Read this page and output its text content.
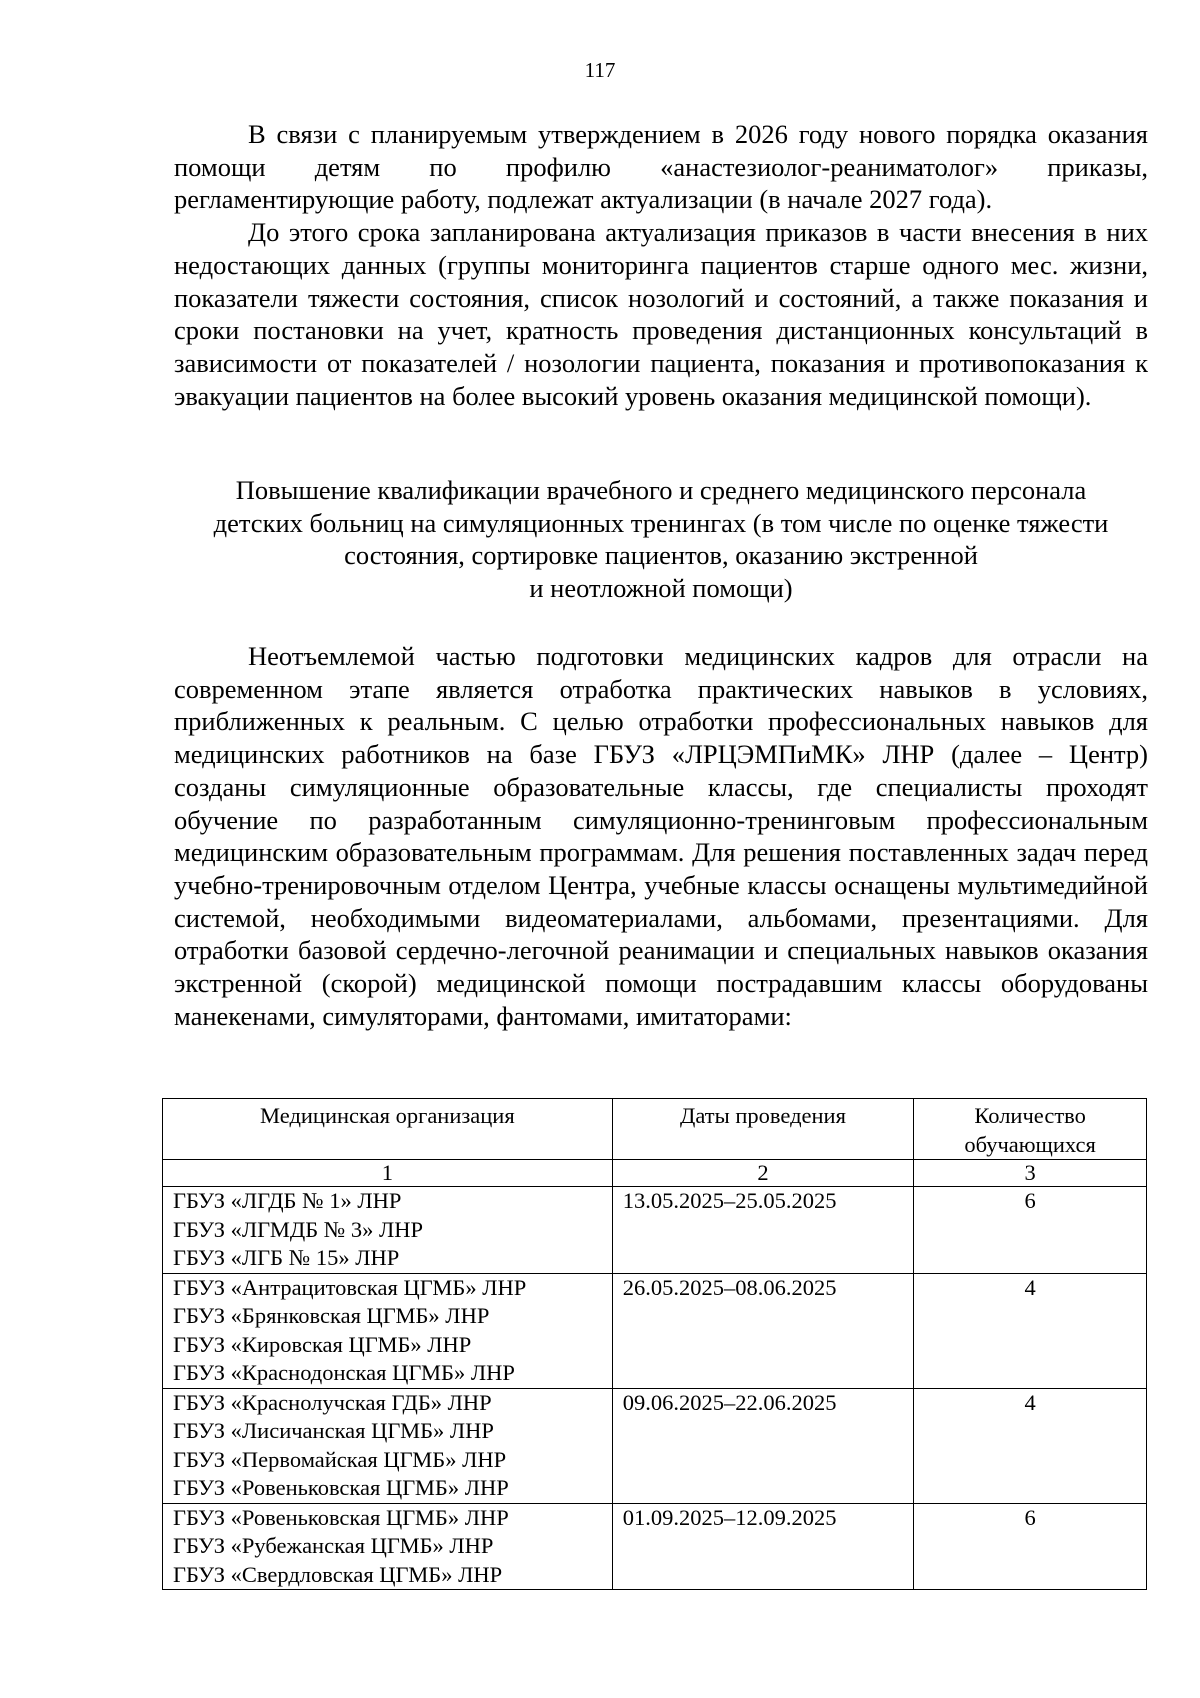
117

В связи с планируемым утверждением в 2026 году нового порядка оказания помощи детям по профилю «анастезиолог-реаниматолог» приказы, регламентирующие работу, подлежат актуализации (в начале 2027 года).

До этого срока запланирована актуализация приказов в части внесения в них недостающих данных (группы мониторинга пациентов старше одного мес. жизни, показатели тяжести состояния, список нозологий и состояний, а также показания и сроки постановки на учет, кратность проведения дистанционных консультаций в зависимости от показателей / нозологии пациента, показания и противопоказания к эвакуации пациентов на более высокий уровень оказания медицинской помощи).

Повышение квалификации врачебного и среднего медицинского персонала
детских больниц на симуляционных тренингах (в том числе по оценке тяжести
состояния, сортировке пациентов, оказанию экстренной
и неотложной помощи)

Неотъемлемой частью подготовки медицинских кадров для отрасли на современном этапе является отработка практических навыков в условиях, приближенных к реальным. С целью отработки профессиональных навыков для медицинских работников на базе ГБУЗ «ЛРЦЭМПиМК» ЛНР (далее – Центр) созданы симуляционные образовательные классы, где специалисты проходят обучение по разработанным симуляционно-тренинговым профессиональным медицинским образовательным программам. Для решения поставленных задач перед учебно-тренировочным отделом Центра, учебные классы оснащены мультимедийной системой, необходимыми видеоматериалами, альбомами, презентациями. Для отработки базовой сердечно-легочной реанимации и специальных навыков оказания экстренной (скорой) медицинской помощи пострадавшим классы оборудованы манекенами, симуляторами, фантомами, имитаторами:

Медицинская организация	Даты проведения	Количество обучающихся
1	2	3

ГБУЗ «ЛГДБ № 1» ЛНР
ГБУЗ «ЛГМДБ № 3» ЛНР
ГБУЗ «ЛГБ № 15» ЛНР	13.05.2025–25.05.2025	6

ГБУЗ «Антрацитовская ЦГМБ» ЛНР
ГБУЗ «Брянковская ЦГМБ» ЛНР
ГБУЗ «Кировская ЦГМБ» ЛНР
ГБУЗ «Краснодонская ЦГМБ» ЛНР	26.05.2025–08.06.2025	4

ГБУЗ «Краснолучская ГДБ» ЛНР
ГБУЗ «Лисичанская ЦГМБ» ЛНР
ГБУЗ «Первомайская ЦГМБ» ЛНР
ГБУЗ «Ровеньковская ЦГМБ» ЛНР	09.06.2025–22.06.2025	4

ГБУЗ «Ровеньковская ЦГМБ» ЛНР
ГБУЗ «Рубежанская ЦГМБ» ЛНР
ГБУЗ «Свердловская ЦГМБ» ЛНР	01.09.2025–12.09.2025	6
